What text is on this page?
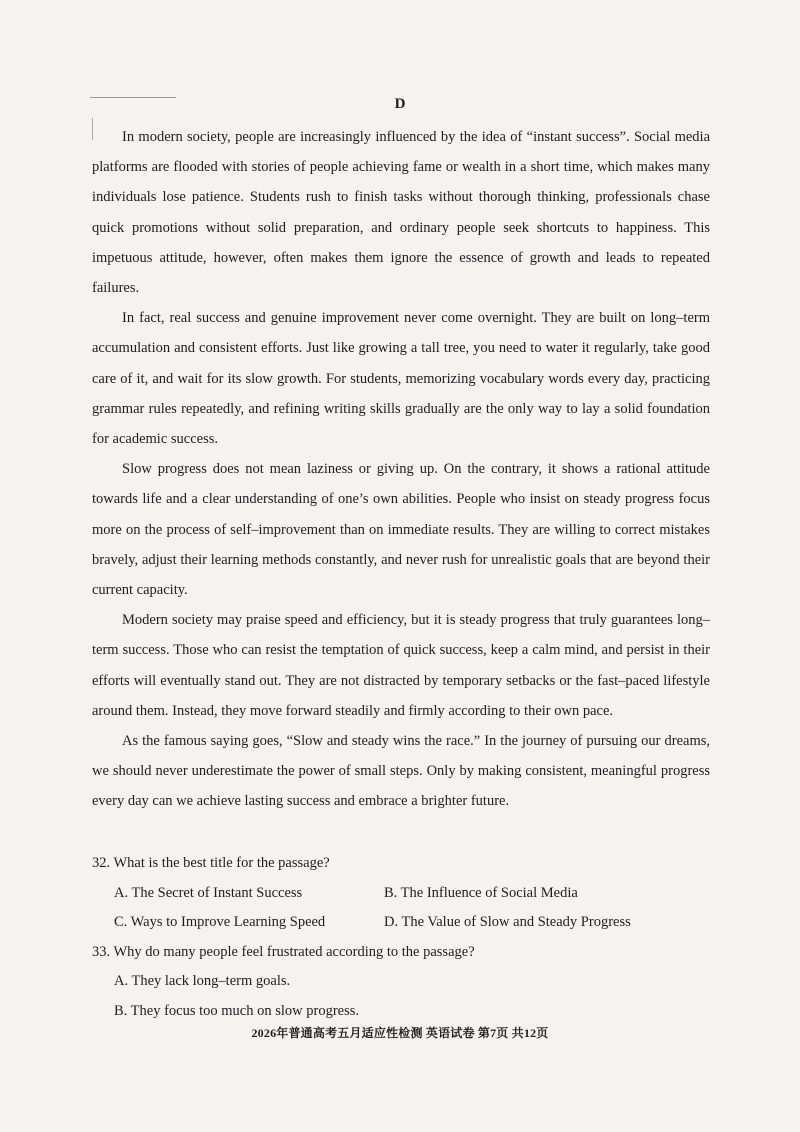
D

In modern society, people are increasingly influenced by the idea of “instant success”. Social media platforms are flooded with stories of people achieving fame or wealth in a short time, which makes many individuals lose patience. Students rush to finish tasks without thorough thinking, professionals chase quick promotions without solid preparation, and ordinary people seek shortcuts to happiness. This impetuous attitude, however, often makes them ignore the essence of growth and leads to repeated failures.

In fact, real success and genuine improvement never come overnight. They are built on long–term accumulation and consistent efforts. Just like growing a tall tree, you need to water it regularly, take good care of it, and wait for its slow growth. For students, memorizing vocabulary words every day, practicing grammar rules repeatedly, and refining writing skills gradually are the only way to lay a solid foundation for academic success.

Slow progress does not mean laziness or giving up. On the contrary, it shows a rational attitude towards life and a clear understanding of one’s own abilities. People who insist on steady progress focus more on the process of self–improvement than on immediate results. They are willing to correct mistakes bravely, adjust their learning methods constantly, and never rush for unrealistic goals that are beyond their current capacity.

Modern society may praise speed and efficiency, but it is steady progress that truly guarantees long–term success. Those who can resist the temptation of quick success, keep a calm mind, and persist in their efforts will eventually stand out. They are not distracted by temporary setbacks or the fast–paced lifestyle around them. Instead, they move forward steadily and firmly according to their own pace.

As the famous saying goes, “Slow and steady wins the race.” In the journey of pursuing our dreams, we should never underestimate the power of small steps. Only by making consistent, meaningful progress every day can we achieve lasting success and embrace a brighter future.

32. What is the best title for the passage?
A. The Secret of Instant Success	B. The Influence of Social Media
C. Ways to Improve Learning Speed	D. The Value of Slow and Steady Progress
33. Why do many people feel frustrated according to the passage?
A. They lack long–term goals.
B. They focus too much on slow progress.
2026年普通高考五月适应性检测 英语试卷 第7页 共12页
